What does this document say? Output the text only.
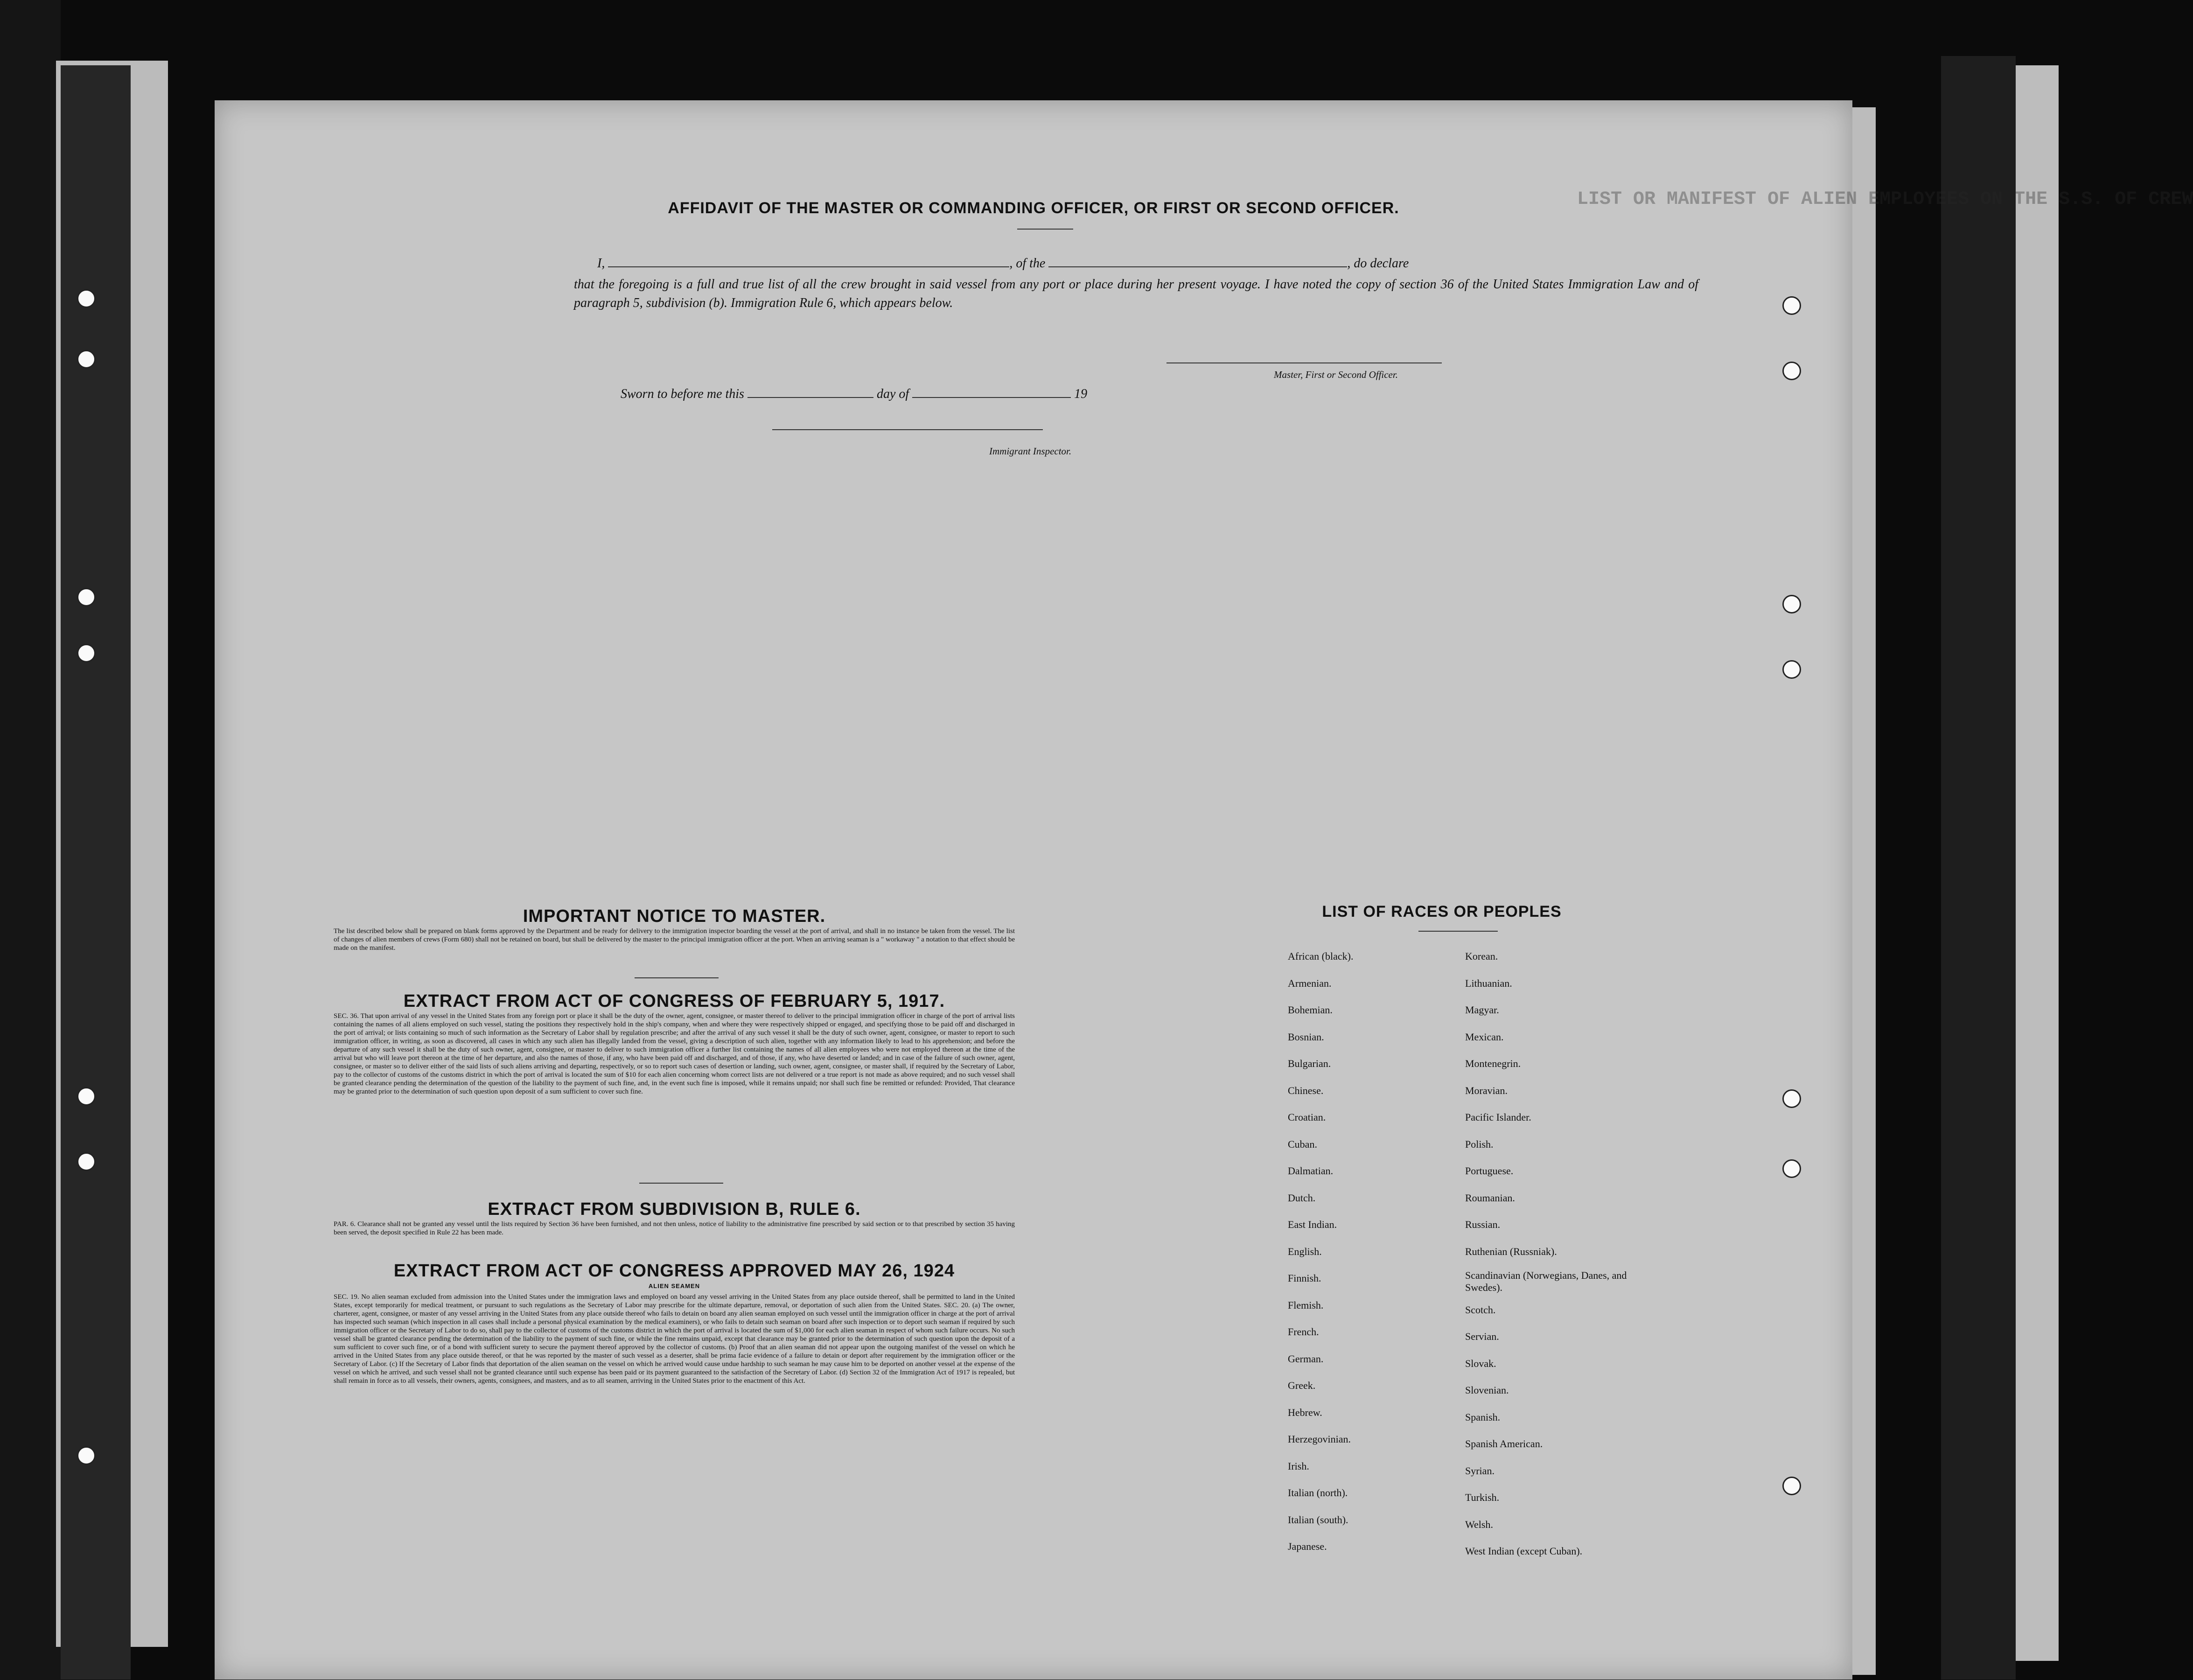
LIST OR MANIFEST OF ALIEN EMPLOYEES ON THE S.S. OF CREW
AFFIDAVIT OF THE MASTER OR COMMANDING OFFICER, OR FIRST OR SECOND OFFICER.
I,	, of the	, do declare
that the foregoing is a full and true list of all the crew brought in said vessel from any port or place during her present voyage. I have noted the copy of section 36 of the United States Immigration Law and of paragraph 5, subdivision (b). Immigration Rule 6, which appears below.
Master, First or Second Officer.
Sworn to before me this	day of	19
Immigrant Inspector.
IMPORTANT NOTICE TO MASTER.
The list described below shall be prepared on blank forms approved by the Department and be ready for delivery to the immigration inspector boarding the vessel at the port of arrival, and shall in no instance be taken from the vessel. The list of changes of alien members of crews (Form 680) shall not be retained on board, but shall be delivered by the master to the principal immigration officer at the port. When an arriving seaman is a " workaway " a notation to that effect should be made on the manifest.
EXTRACT FROM ACT OF CONGRESS OF FEBRUARY 5, 1917.
SEC. 36. That upon arrival of any vessel in the United States from any foreign port or place it shall be the duty of the owner, agent, consignee, or master thereof to deliver to the principal immigration officer in charge of the port of arrival lists containing the names of all aliens employed on such vessel, stating the positions they respectively hold in the ship's company, when and where they were respectively shipped or engaged, and specifying those to be paid off and discharged in the port of arrival; or lists containing so much of such information as the Secretary of Labor shall by regulation prescribe; and after the arrival of any such vessel it shall be the duty of such owner, agent, consignee, or master to report to such immigration officer, in writing, as soon as discovered, all cases in which any such alien has illegally landed from the vessel, giving a description of such alien, together with any information likely to lead to his apprehension; and before the departure of any such vessel it shall be the duty of such owner, agent, consignee, or master to deliver to such immigration officer a further list containing the names of all alien employees who were not employed thereon at the time of the arrival but who will leave port thereon at the time of her departure, and also the names of those, if any, who have been paid off and discharged, and of those, if any, who have deserted or landed; and in case of the failure of such owner, agent, consignee, or master so to deliver either of the said lists of such aliens arriving and departing, respectively, or so to report such cases of desertion or landing, such owner, agent, consignee, or master shall, if required by the Secretary of Labor, pay to the collector of customs of the customs district in which the port of arrival is located the sum of $10 for each alien concerning whom correct lists are not delivered or a true report is not made as above required; and no such vessel shall be granted clearance pending the determination of the question of the liability to the payment of such fine, and, in the event such fine is imposed, while it remains unpaid; nor shall such fine be remitted or refunded: Provided, That clearance may be granted prior to the determination of such question upon deposit of a sum sufficient to cover such fine.
EXTRACT FROM SUBDIVISION B, RULE 6.
PAR. 6. Clearance shall not be granted any vessel until the lists required by Section 36 have been furnished, and not then unless, notice of liability to the administrative fine prescribed by said section or to that prescribed by section 35 having been served, the deposit specified in Rule 22 has been made.
EXTRACT FROM ACT OF CONGRESS APPROVED MAY 26, 1924
ALIEN SEAMEN
SEC. 19. No alien seaman excluded from admission into the United States under the immigration laws and employed on board any vessel arriving in the United States from any place outside thereof, shall be permitted to land in the United States, except temporarily for medical treatment, or pursuant to such regulations as the Secretary of Labor may prescribe for the ultimate departure, removal, or deportation of such alien from the United States. SEC. 20. (a) The owner, charterer, agent, consignee, or master of any vessel arriving in the United States from any place outside thereof who fails to detain on board any alien seaman employed on such vessel until the immigration officer in charge at the port of arrival has inspected such seaman (which inspection in all cases shall include a personal physical examination by the medical examiners), or who fails to detain such seaman on board after such inspection or to deport such seaman if required by such immigration officer or the Secretary of Labor to do so, shall pay to the collector of customs of the customs district in which the port of arrival is located the sum of $1,000 for each alien seaman in respect of whom such failure occurs. No such vessel shall be granted clearance pending the determination of the liability to the payment of such fine, or while the fine remains unpaid, except that clearance may be granted prior to the determination of such question upon the deposit of a sum sufficient to cover such fine, or of a bond with sufficient surety to secure the payment thereof approved by the collector of customs. (b) Proof that an alien seaman did not appear upon the outgoing manifest of the vessel on which he arrived in the United States from any place outside thereof, or that he was reported by the master of such vessel as a deserter, shall be prima facie evidence of a failure to detain or deport after requirement by the immigration officer or the Secretary of Labor. (c) If the Secretary of Labor finds that deportation of the alien seaman on the vessel on which he arrived would cause undue hardship to such seaman he may cause him to be deported on another vessel at the expense of the vessel on which he arrived, and such vessel shall not be granted clearance until such expense has been paid or its payment guaranteed to the satisfaction of the Secretary of Labor. (d) Section 32 of the Immigration Act of 1917 is repealed, but shall remain in force as to all vessels, their owners, agents, consignees, and masters, and as to all seamen, arriving in the United States prior to the enactment of this Act.
LIST OF RACES OR PEOPLES
African (black).
Armenian.
Bohemian.
Bosnian.
Bulgarian.
Chinese.
Croatian.
Cuban.
Dalmatian.
Dutch.
East Indian.
English.
Finnish.
Flemish.
French.
German.
Greek.
Hebrew.
Herzegovinian.
Irish.
Italian (north).
Italian (south).
Japanese.
Korean.
Lithuanian.
Magyar.
Mexican.
Montenegrin.
Moravian.
Pacific Islander.
Polish.
Portuguese.
Roumanian.
Russian.
Ruthenian (Russniak).
Scandinavian (Norwegians, Danes, and Swedes).
Scotch.
Servian.
Slovak.
Slovenian.
Spanish.
Spanish American.
Syrian.
Turkish.
Welsh.
West Indian (except Cuban).
